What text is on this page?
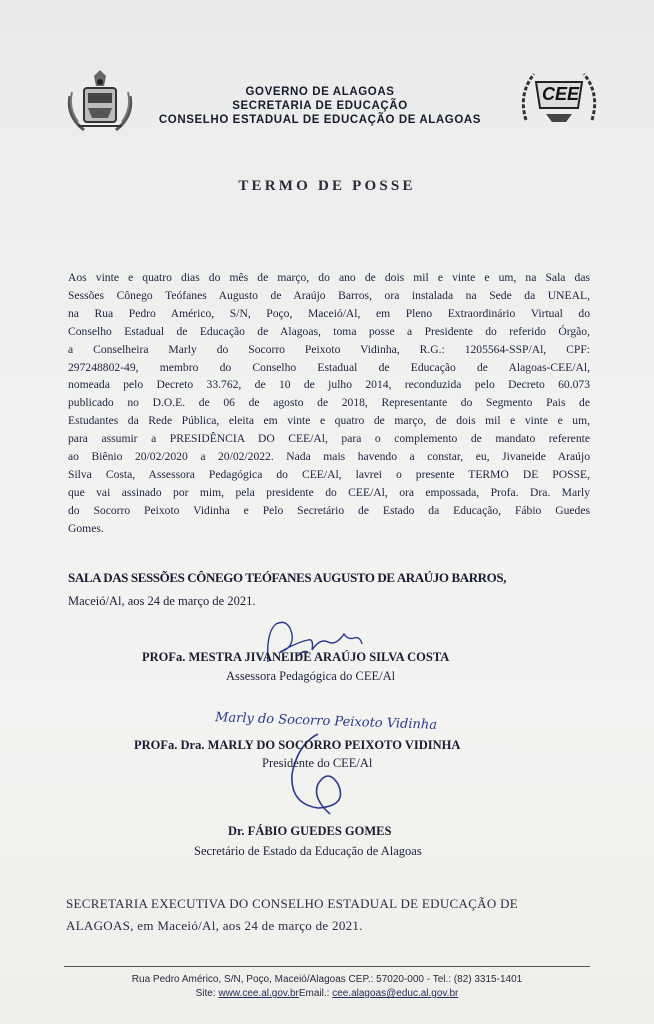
GOVERNO DE ALAGOAS
SECRETARIA DE EDUCAÇÃO
CONSELHO ESTADUAL DE EDUCAÇÃO DE ALAGOAS
CEE
TERMO DE POSSE
Aos vinte e quatro dias do mês de março, do ano de dois mil e vinte e um, na Sala das
Sessões Cônego Teófanes Augusto de Araújo Barros, ora instalada na Sede da UNEAL,
na Rua Pedro Américo, S/N, Poço, Maceió/Al, em Pleno Extraordinário Virtual do
Conselho Estadual de Educação de Alagoas, toma posse a Presidente do referido Órgão,
a Conselheira Marly do Socorro Peixoto Vidinha, R.G.: 1205564-SSP/Al, CPF:
297248802-49, membro do Conselho Estadual de Educação de Alagoas-CEE/Al,
nomeada pelo Decreto 33.762, de 10 de julho 2014, reconduzida pelo Decreto 60.073
publicado no D.O.E. de 06 de agosto de 2018, Representante do Segmento Pais de
Estudantes da Rede Pública, eleita em vinte e quatro de março, de dois mil e vinte e um,
para assumir a PRESIDÊNCIA DO CEE/Al, para o complemento de mandato referente
ao Biênio 20/02/2020 a 20/02/2022. Nada mais havendo a constar, eu, Jivaneide Araújo
Silva Costa, Assessora Pedagógica do CEE/Al, lavrei o presente TERMO DE POSSE,
que vai assinado por mim, pela presidente do CEE/Al, ora empossada, Profa. Dra. Marly
do Socorro Peixoto Vidinha e Pelo Secretário de Estado da Educação, Fábio Guedes
Gomes.
SALA DAS SESSÕES CÔNEGO TEÓFANES AUGUSTO DE ARAÚJO BARROS,
Maceió/Al, aos 24 de março de 2021.
PROFa. MESTRA JIVANEIDE ARAÚJO SILVA COSTA
Assessora Pedagógica do CEE/Al
Marly do Socorro Peixoto Vidinha
PROFa. Dra. MARLY DO SOCORRO PEIXOTO VIDINHA
Presidente do CEE/Al
Dr. FÁBIO GUEDES GOMES
Secretário de Estado da Educação de Alagoas
SECRETARIA EXECUTIVA DO CONSELHO ESTADUAL DE EDUCAÇÃO DE
ALAGOAS, em Maceió/Al, aos 24 de março de 2021.
Rua Pedro Américo, S/N, Poço, Maceió/Alagoas CEP.: 57020-000 - Tel.: (82) 3315-1401
Site: www.cee.al.gov.brEmail.: cee.alagoas@educ.al.gov.br
